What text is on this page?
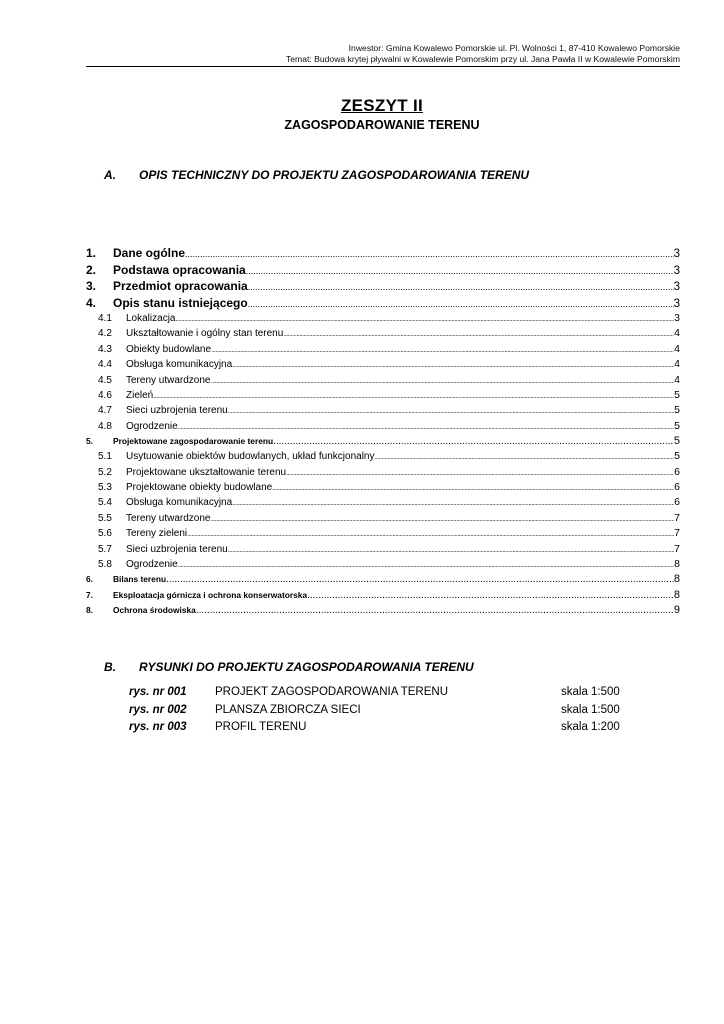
Inwestor: Gmina Kowalewo Pomorskie ul. Pl. Wolności 1, 87-410 Kowalewo Pomorskie
Temat: Budowa krytej pływalni w Kowalewie Pomorskim przy ul. Jana Pawła II w Kowalewie Pomorskim
ZESZYT II
ZAGOSPODAROWANIE TERENU
A. OPIS TECHNICZNY DO PROJEKTU ZAGOSPODAROWANIA TERENU
1.	Dane ogólne .....	3
2.	Podstawa opracowania .....	3
3.	Przedmiot opracowania .....	3
4.	Opis stanu istniejącego .....	3
4.1	Lokalizacja .....	3
4.2	Ukształtowanie i ogólny stan terenu .....	4
4.3	Obiekty budowlane .....	4
4.4	Obsługa komunikacyjna .....	4
4.5	Tereny utwardzone .....	4
4.6	Zieleń .....	5
4.7	Sieci uzbrojenia terenu .....	5
4.8	Ogrodzenie .....	5
5.	Projektowane zagospodarowanie terenu .....	5
5.1	Usytuowanie obiektów budowlanych, układ funkcjonalny .....	5
5.2	Projektowane ukształtowanie terenu .....	6
5.3	Projektowane obiekty budowlane .....	6
5.4	Obsługa komunikacyjna .....	6
5.5	Tereny utwardzone .....	7
5.6	Tereny zieleni .....	7
5.7	Sieci uzbrojenia terenu .....	7
5.8	Ogrodzenie .....	8
6.	Bilans terenu .....	8
7.	Eksploatacja górnicza i ochrona konserwatorska .....	8
8.	Ochrona środowiska .....	9
B. RYSUNKI DO PROJEKTU ZAGOSPODAROWANIA TERENU
rys. nr 001	PROJEKT ZAGOSPODAROWANIA TERENU	skala 1:500
rys. nr 002	PLANSZA ZBIORCZA SIECI	skala 1:500
rys. nr 003	PROFIL TERENU	skala 1:200
